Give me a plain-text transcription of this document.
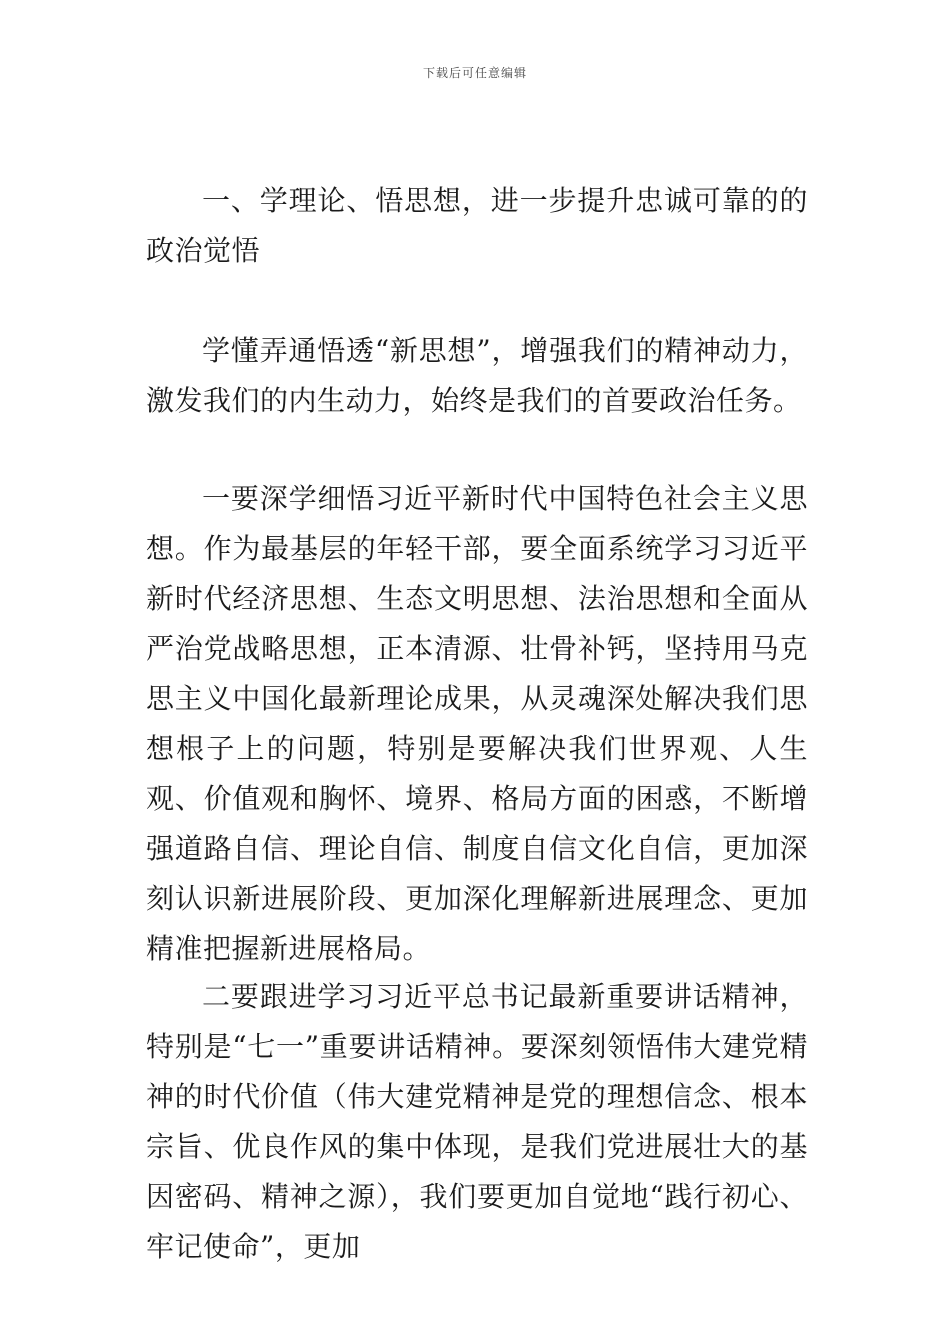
下载后可任意编辑

一、学理论、悟思想，进一步提升忠诚可靠的的政治觉悟

学懂弄通悟透“新思想”，增强我们的精神动力，激发我们的内生动力，始终是我们的首要政治任务。

一要深学细悟习近平新时代中国特色社会主义思想。作为最基层的年轻干部，要全面系统学习习近平新时代经济思想、生态文明思想、法治思想和全面从严治党战略思想，正本清源、壮骨补钙，坚持用马克思主义中国化最新理论成果，从灵魂深处解决我们思想根子上的问题，特别是要解决我们世界观、人生观、价值观和胸怀、境界、格局方面的困惑，不断增强道路自信、理论自信、制度自信文化自信，更加深刻认识新进展阶段、更加深化理解新进展理念、更加精准把握新进展格局。

二要跟进学习习近平总书记最新重要讲话精神，特别是“七一”重要讲话精神。要深刻领悟伟大建党精神的时代价值（伟大建党精神是党的理想信念、根本宗旨、优良作风的集中体现，是我们党进展壮大的基因密码、精神之源），我们要更加自觉地“践行初心、牢记使命”，更加
